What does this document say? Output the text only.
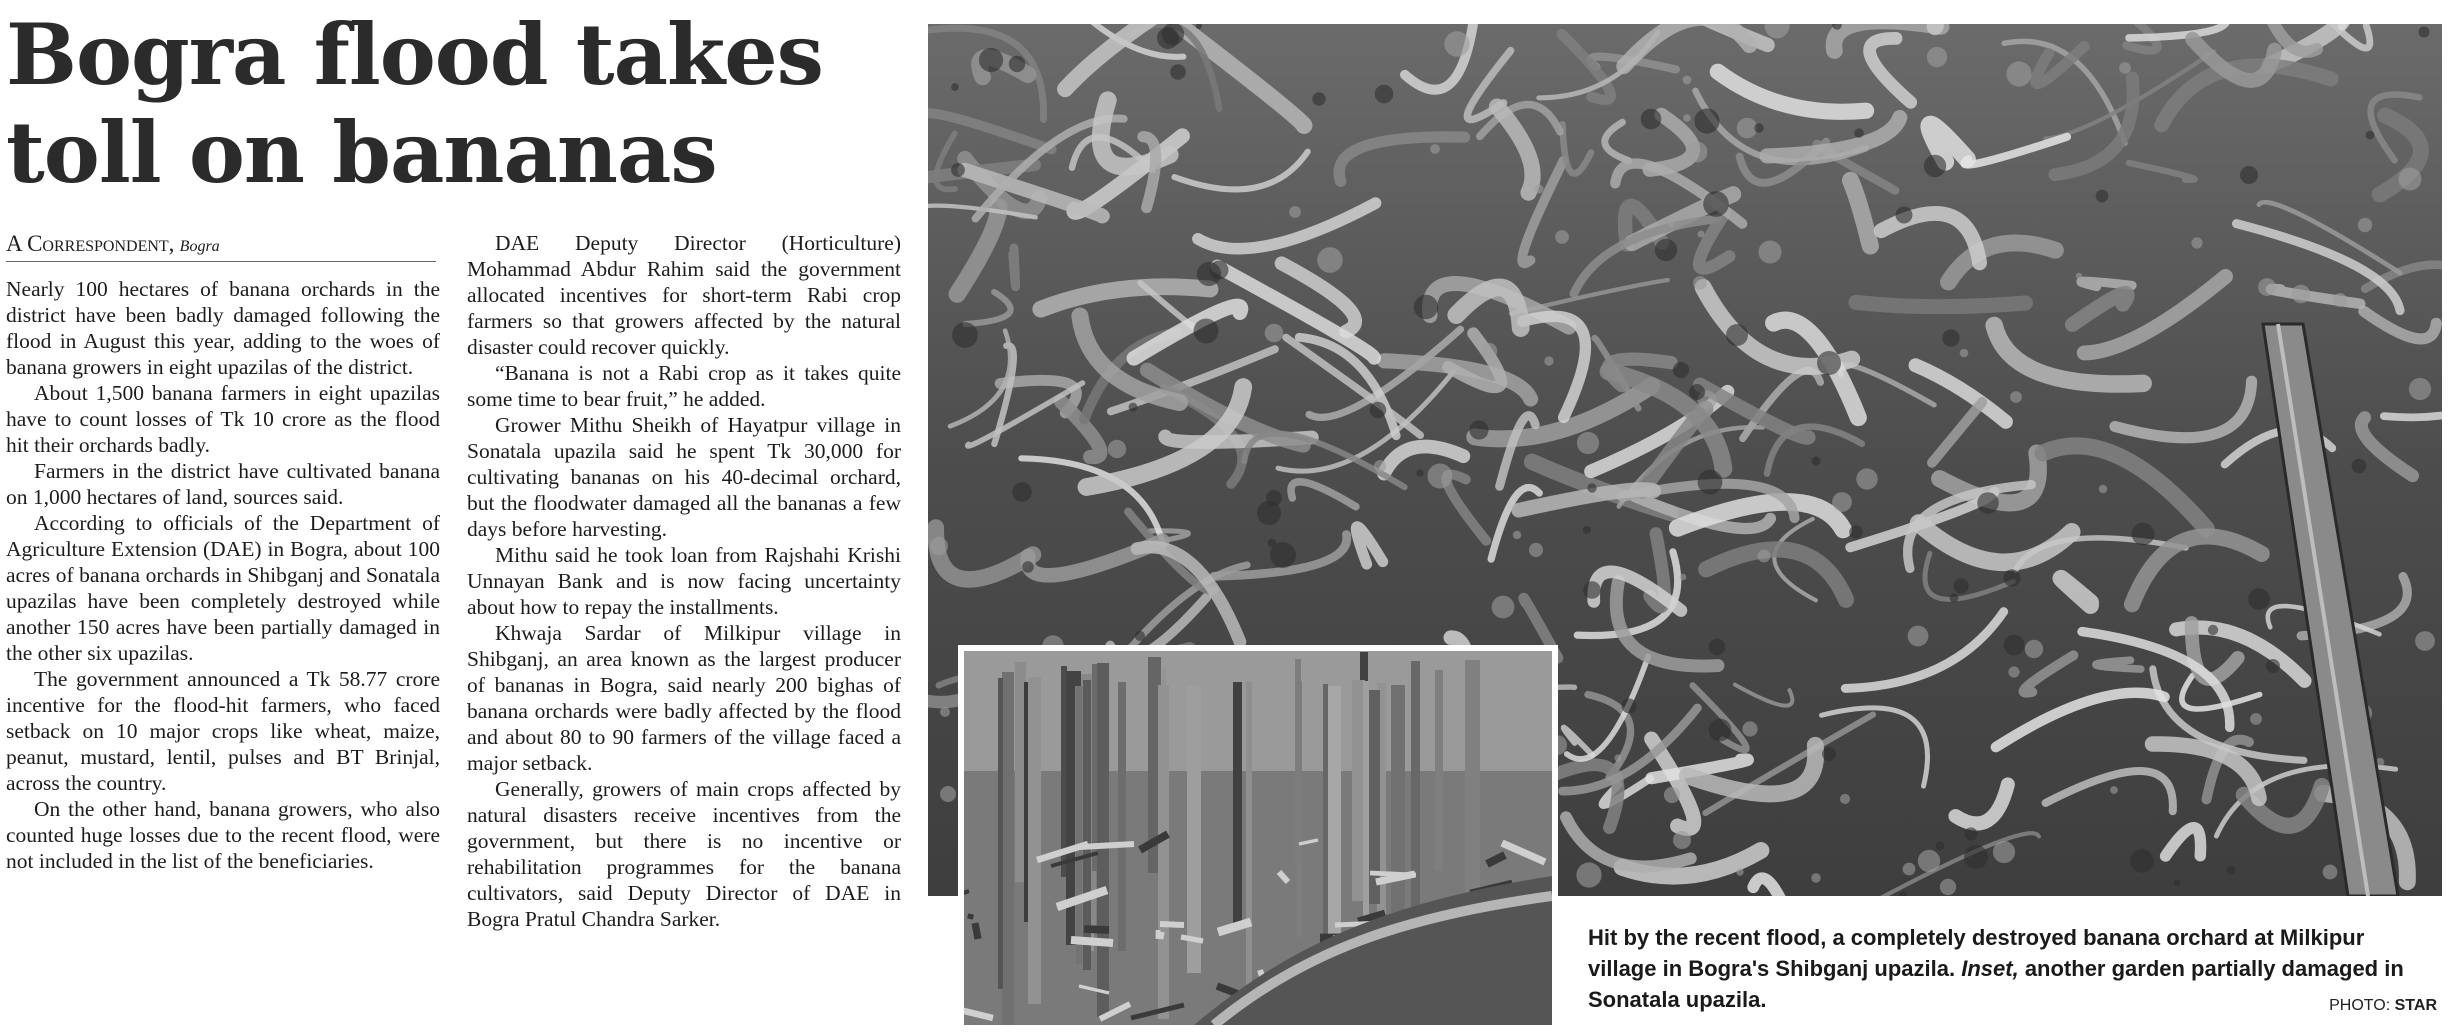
Bogra flood takes toll on bananas
A Correspondent, Bogra

Nearly 100 hectares of banana orchards in the district have been badly damaged following the flood in August this year, adding to the woes of banana growers in eight upazilas of the district.

About 1,500 banana farmers in eight upazilas have to count losses of Tk 10 crore as the flood hit their orchards badly.

Farmers in the district have cultivated banana on 1,000 hectares of land, sources said.

According to officials of the Department of Agriculture Extension (DAE) in Bogra, about 100 acres of banana orchards in Shibganj and Sonatala upazilas have been completely destroyed while another 150 acres have been partially damaged in the other six upazilas.

The government announced a Tk 58.77 crore incentive for the flood-hit farmers, who faced setback on 10 major crops like wheat, maize, peanut, mustard, lentil, pulses and BT Brinjal, across the country.

On the other hand, banana growers, who also counted huge losses due to the recent flood, were not included in the list of the beneficiaries.

DAE Deputy Director (Horticulture) Mohammad Abdur Rahim said the government allocated incentives for short-term Rabi crop farmers so that growers affected by the natural disaster could recover quickly.

“Banana is not a Rabi crop as it takes quite some time to bear fruit,” he added.

Grower Mithu Sheikh of Hayatpur village in Sonatala upazila said he spent Tk 30,000 for cultivating bananas on his 40-decimal orchard, but the floodwater damaged all the bananas a few days before harvesting.

Mithu said he took loan from Rajshahi Krishi Unnayan Bank and is now facing uncertainty about how to repay the installments.

Khwaja Sardar of Milkipur village in Shibganj, an area known as the largest producer of bananas in Bogra, said nearly 200 bighas of banana orchards were badly affected by the flood and about 80 to 90 farmers of the village faced a major setback.

Generally, growers of main crops affected by natural disasters receive incentives from the government, but there is no incentive or rehabilitation programmes for the banana cultivators, said Deputy Director of DAE in Bogra Pratul Chandra Sarker.

Hit by the recent flood, a completely destroyed banana orchard at Milkipur village in Bogra's Shibganj upazila. Inset, another garden partially damaged in Sonatala upazila.	PHOTO: STAR
